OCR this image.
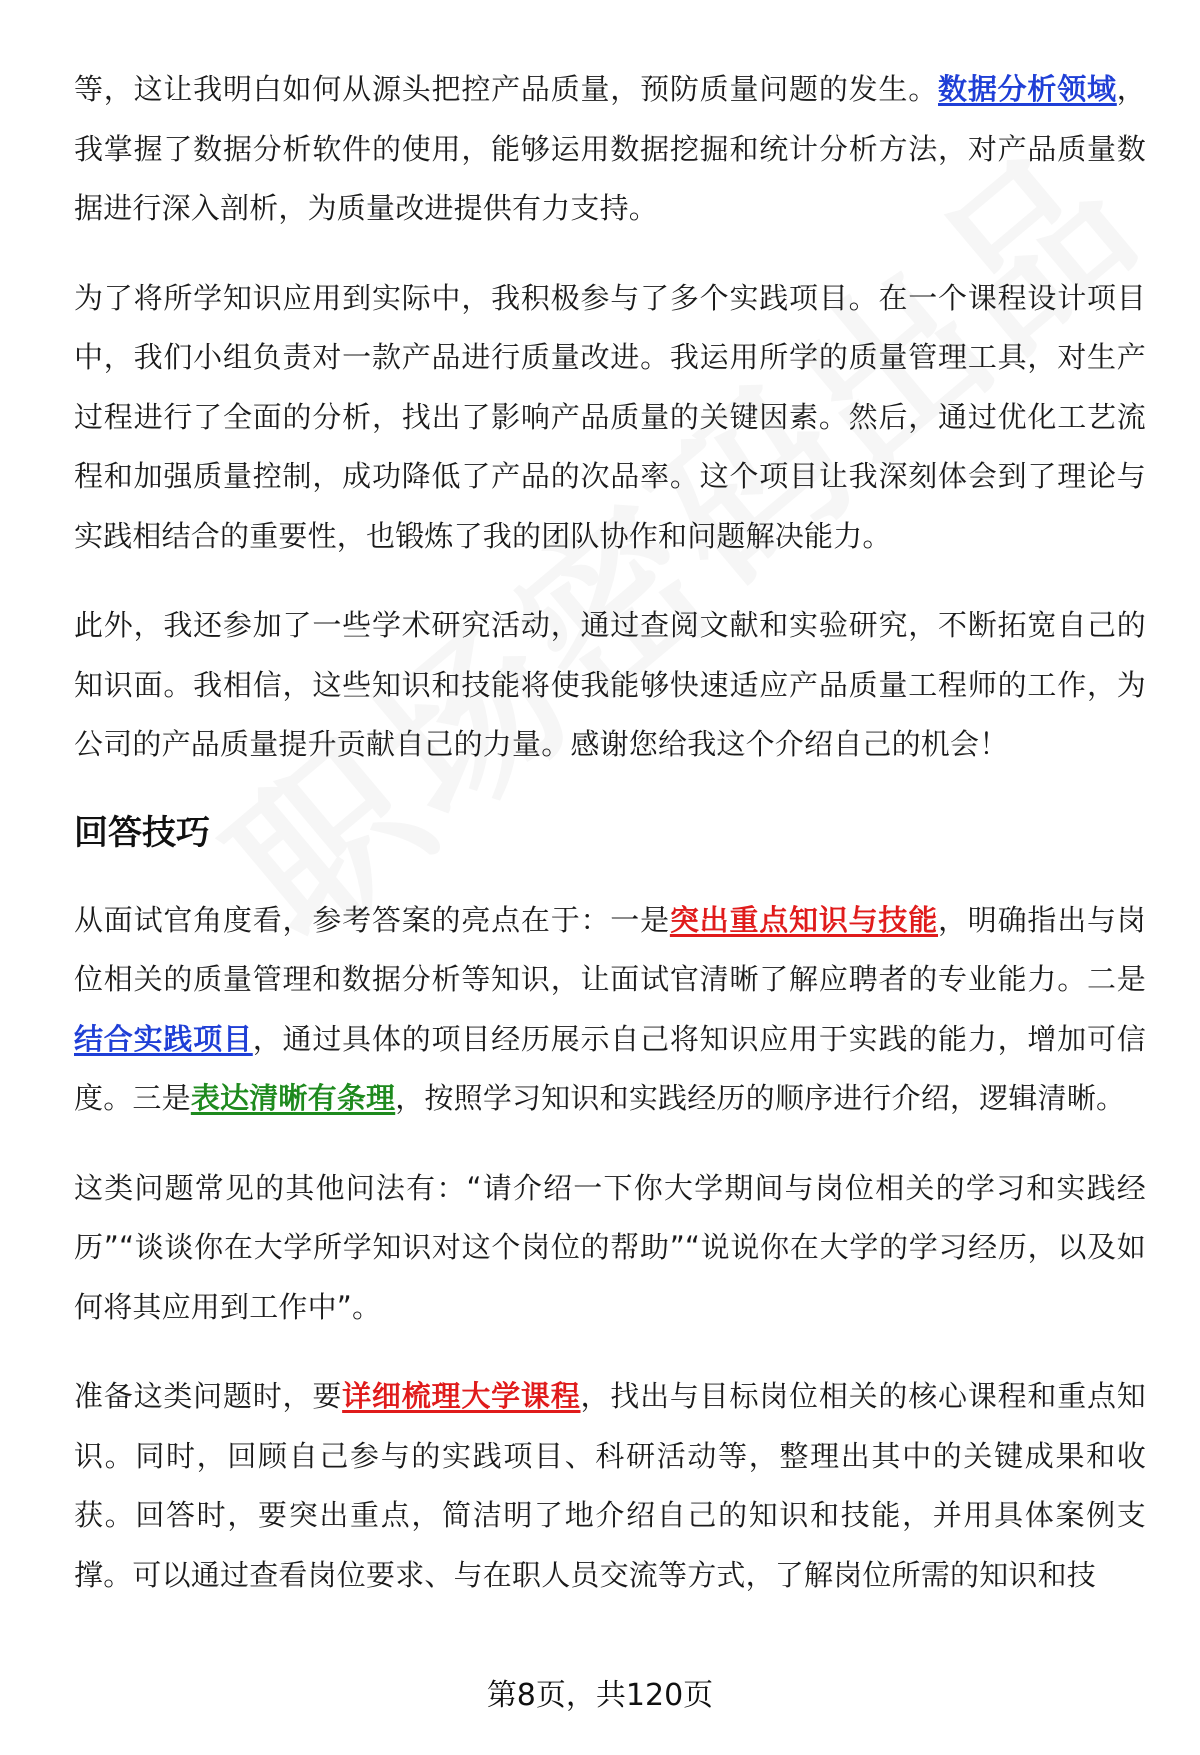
等，这让我明白如何从源头把控产品质量，预防质量问题的发生。数据分析领域，我掌握了数据分析软件的使用，能够运用数据挖掘和统计分析方法，对产品质量数据进行深入剖析，为质量改进提供有力支持。

为了将所学知识应用到实际中，我积极参与了多个实践项目。在一个课程设计项目中，我们小组负责对一款产品进行质量改进。我运用所学的质量管理工具，对生产过程进行了全面的分析，找出了影响产品质量的关键因素。然后，通过优化工艺流程和加强质量控制，成功降低了产品的次品率。这个项目让我深刻体会到了理论与实践相结合的重要性，也锻炼了我的团队协作和问题解决能力。

此外，我还参加了一些学术研究活动，通过查阅文献和实验研究，不断拓宽自己的知识面。我相信，这些知识和技能将使我能够快速适应产品质量工程师的工作，为公司的产品质量提升贡献自己的力量。感谢您给我这个介绍自己的机会！

回答技巧

从面试官角度看，参考答案的亮点在于：一是突出重点知识与技能，明确指出与岗位相关的质量管理和数据分析等知识，让面试官清晰了解应聘者的专业能力。二是结合实践项目，通过具体的项目经历展示自己将知识应用于实践的能力，增加可信度。三是表达清晰有条理，按照学习知识和实践经历的顺序进行介绍，逻辑清晰。

这类问题常见的其他问法有：“请介绍一下你大学期间与岗位相关的学习和实践经历”“谈谈你在大学所学知识对这个岗位的帮助”“说说你在大学的学习经历，以及如何将其应用到工作中”。

准备这类问题时，要详细梳理大学课程，找出与目标岗位相关的核心课程和重点知识。同时，回顾自己参与的实践项目、科研活动等，整理出其中的关键成果和收获。回答时，要突出重点，简洁明了地介绍自己的知识和技能，并用具体案例支撑。可以通过查看岗位要求、与在职人员交流等方式，了解岗位所需的知识和技

第8页，共120页
